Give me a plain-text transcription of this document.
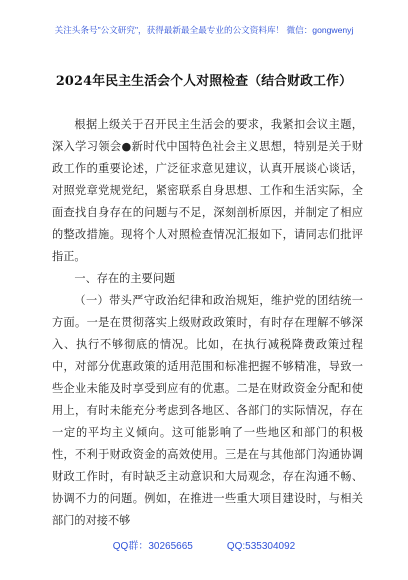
关注头条号"公文研究"，获得最新最全最专业的公文资料库！ 微信：gongwenyj
2024年民主生活会个人对照检查（结合财政工作）

根据上级关于召开民主生活会的要求，我紧扣会议主题，深入学习领会●新时代中国特色社会主义思想，特别是关于财政工作的重要论述，广泛征求意见建议，认真开展谈心谈话，对照党章党规党纪，紧密联系自身思想、工作和生活实际，全面查找自身存在的问题与不足，深刻剖析原因，并制定了相应的整改措施。现将个人对照检查情况汇报如下，请同志们批评指正。

一、存在的主要问题

（一）带头严守政治纪律和政治规矩，维护党的团结统一方面。一是在贯彻落实上级财政政策时，有时存在理解不够深入、执行不够彻底的情况。比如，在执行减税降费政策过程中，对部分优惠政策的适用范围和标准把握不够精准，导致一些企业未能及时享受到应有的优惠。二是在财政资金分配和使用上，有时未能充分考虑到各地区、各部门的实际情况，存在一定的平均主义倾向。这可能影响了一些地区和部门的积极性，不利于财政资金的高效使用。三是在与其他部门沟通协调财政工作时，有时缺乏主动意识和大局观念，存在沟通不畅、协调不力的问题。例如，在推进一些重大项目建设时，与相关部门的对接不够

QQ群：30265665	QQ:535304092
